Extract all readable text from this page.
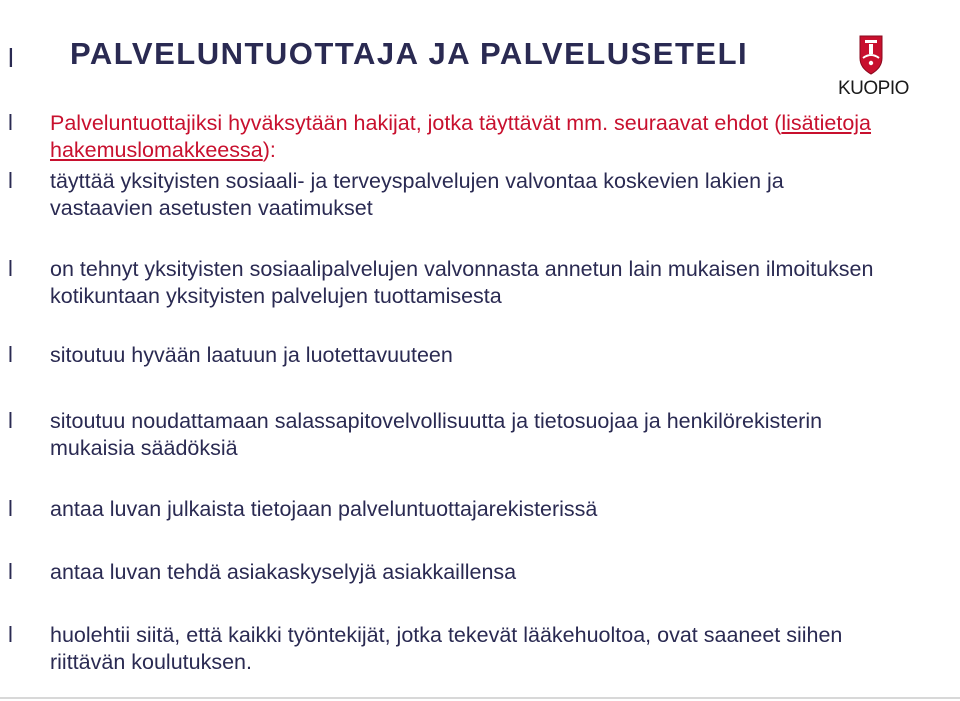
l PALVELUNTUOTTAJA JA PALVELUSETELI
KUOPIO
l Palveluntuottajiksi hyväksytään hakijat, jotka täyttävät mm. seuraavat ehdot (lisätietoja hakemuslomakkeessa):
l täyttää yksityisten sosiaali- ja terveyspalvelujen valvontaa koskevien lakien ja vastaavien asetusten vaatimukset
l on tehnyt yksityisten sosiaalipalvelujen valvonnasta annetun lain mukaisen ilmoituksen kotikuntaan yksityisten palvelujen tuottamisesta
l sitoutuu hyvään laatuun ja luotettavuuteen
l sitoutuu noudattamaan salassapitovelvollisuutta ja tietosuojaa ja henkilörekisterin mukaisia säädöksiä
l antaa luvan julkaista tietojaan palveluntuottajarekisterissä
l antaa luvan tehdä asiakaskyselyjä asiakkaillensa
l huolehtii siitä, että kaikki työntekijät, jotka tekevät lääkehuoltoa, ovat saaneet siihen riittävän koulutuksen.
